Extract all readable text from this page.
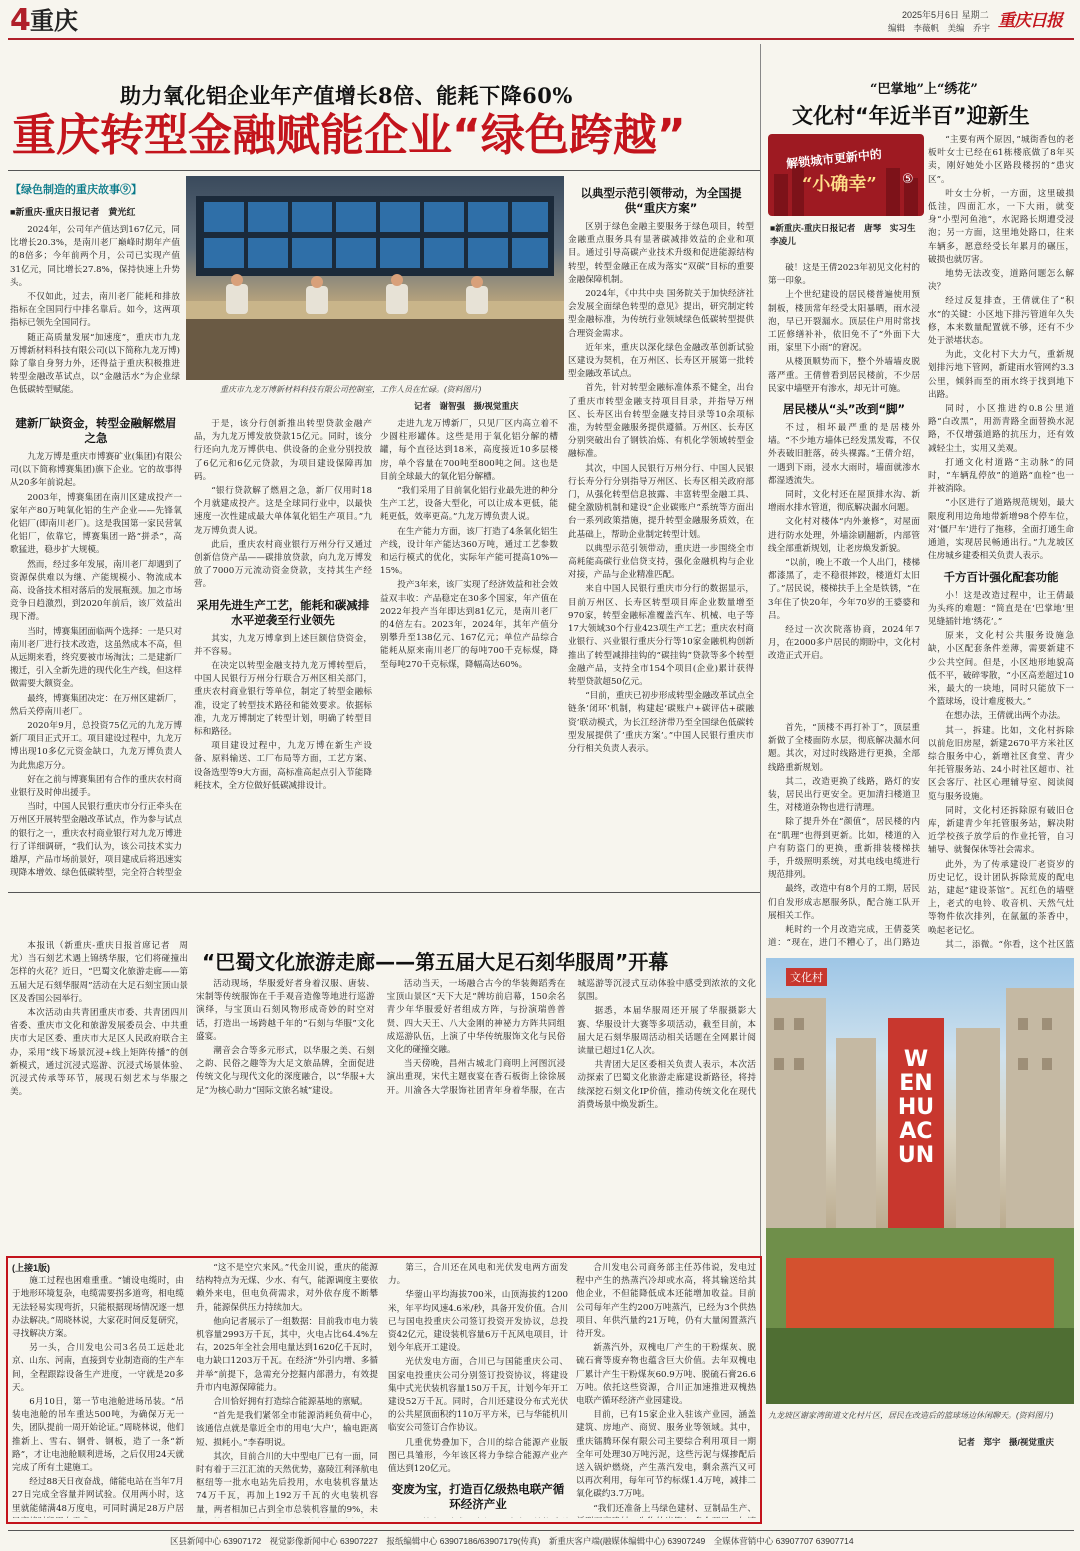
4 重庆	2025年5月6日 星期二
编辑　李薇帆　美编　乔宇 重庆日报
助力氧化铝企业年产值增长8倍、能耗下降60%
重庆转型金融赋能企业“绿色跨越”
【绿色制造的重庆故事⑨】
■新重庆-重庆日报记者　黄光红
重庆市九龙万博新材料科技有限公司控制室，工作人员在忙碌。(资料图片)
记者　谢智强　摄/视觉重庆

2024年，公司年产值达到167亿元，同比增长20.3%，是南川老厂巅峰时期年产值的8倍多；今年前两个月，公司已实现产值31亿元，同比增长27.8%，保持快速上升势头。

不仅如此，过去，南川老厂能耗和排放指标在全国同行中排名靠后。如今，这两项指标已领先全国同行。

随正高质量发展“加速度”，重庆市九龙万博新材料科技有限公司(以下简称九龙万博)除了靠自身努力外，还得益于重庆积极推进转型金融改革试点，以“金融活水”为企业绿色低碳转型赋能。

建新厂缺资金，转型金融解燃眉之急

九龙万博是重庆市博赛矿业(集团)有限公司(以下简称博赛集团)旗下企业。它的故事得从20多年前说起。

2003年，博赛集团在南川区建成投产一家年产80万吨氧化铝的生产企业——先锋氧化铝厂(即南川老厂)。这是我国第一家民营氧化铝厂，依靠它，博赛集团一路“拼杀”，高歌猛进，稳步扩大规模。

然而，经过多年发展，南川老厂却遇到了资源保供难以为继、产能规模小、物流成本高、设备技术相对落后的发展瓶颈。加之市场竞争日趋激烈，到2020年前后，该厂效益出现下滑。

当时，博赛集团面临两个选择：一是只对南川老厂进行技术改造，这虽然成本不高，但从远期来看，终究要被市场淘汰；二是建新厂搬迁，引入全新先进的现代化生产线，但这样做需要大额资金。

最终，博赛集团决定：在万州区建新厂，然后关停南川老厂。

2020年9月，总投资75亿元的九龙万博新厂项目正式开工。项目建设过程中，九龙万博出现10多亿元资金缺口，九龙万博负责人为此焦虑万分。

好在之前与博赛集团有合作的重庆农村商业银行及时伸出援手。

当时，中国人民银行重庆市分行正牵头在万州区开展转型金融改革试点，作为参与试点的银行之一，重庆农村商业银行对九龙万博进行了详细调研，“我们认为，该公司技术实力雄厚，产品市场前景好，项目建成后将迅速实现降本增效、绿色低碳转型，完全符合转型金

于是，该分行创新推出转型贷款金融产品，为九龙万博发放贷款15亿元。同时，该分行还向九龙万博供电、供设备的企业分别投放了6亿元和6亿元贷款，为项目建设保障再加码。

“银行贷款解了燃眉之急，新厂仅用时18个月就建成投产。这是全球同行业中，以最快速度一次性建成最大单体氧化铝生产项目。”九龙万博负责人说。

此后，重庆农村商业银行万州分行又通过创新信贷产品——碳排放贷款，向九龙万博发放了7000万元流动资金贷款，支持其生产经营。

采用先进生产工艺，能耗和碳减排水平逆袭至行业领先

其实，九龙万博拿到上述巨额信贷资金，并不容易。

在决定以转型金融支持九龙万博转型后，中国人民银行万州分行联合万州区相关部门，重庆农村商业银行等单位，制定了转型金融标准，设定了转型技术路径和能效要求。依据标准，九龙万博制定了转型计划，明确了转型目标和路径。

项目建设过程中，九龙万博在新生产设备、原料输送、工厂布局等方面，工艺方案、设备选型等9大方面，高标准高起点引入节能降耗技术，全方位做好低碳减排设计。

走进九龙万博新厂，只见厂区内高立着不少圆柱形罐体。这些是用于氧化铝分解的槽罐，每个直径达到18米，高度接近10多层楼房，单个容量在700吨至800吨之间。这也是目前全球最大的氧化铝分解槽。

“我们采用了目前氧化铝行业最先进的种分生产工艺，设备大型化，可以让成本更低，能耗更低，效率更高。”九龙万博负责人说。

在生产能力方面，该厂打造了4条氧化铝生产线，设计年产能达360万吨，通过工艺参数和运行模式的优化，实际年产能可提高10%—15%。

投产3年来，该厂实现了经济效益和社会效益双丰收：产品稳定在30多个国家，年产值在2022年投产当年即达到81亿元，是南川老厂的4倍左右。2023年，2024年，其年产值分别攀升至138亿元、167亿元；单位产品综合能耗从原来南川老厂的每吨700千克标煤，降至每吨270千克标煤，降幅高达60%。

以典型示范引领带动，为全国提供“重庆方案”

区别于绿色金融主要服务于绿色项目，转型金融重点服务具有显著碳减排效益的企业和项目。通过引导高碳产业技术升级和促进能源结构转型，转型金融正在成为落实“双碳”目标的重要金融保障机制。

2024年，《中共中央 国务院关于加快经济社会发展全面绿色转型的意见》提出，研究制定转型金融标准，为传统行业领域绿色低碳转型提供合理资金需求。

近年来，重庆以深化绿色金融改革创新试验区建设为契机，在万州区、长寿区开展第一批转型金融改革试点。

首先，针对转型金融标准体系不健全，出台了重庆市转型金融支持项目目录，并指导万州区、长寿区出台转型金融支持目录等10余项标准，为转型金融服务提供遵循。万州区、长寿区分别突破出台了钢铁冶炼、有机化学领域转型金融标准。

其次，中国人民银行万州分行、中国人民银行长寿分行分别指导万州区、长寿区相关政府部门，从强化转型信息披露、丰富转型金融工具、健全激励机制和建设“企业碳账户”系统等方面出台一系列政策措施，提升转型金融服务质效，在此基础上，帮助企业制定转型计划。

以典型示范引领带动，重庆进一步围绕全市高耗能高碳行业信贷支持，强化金融机构与企业对接，产品与企业精准匹配。

来自中国人民银行重庆市分行的数据显示，目前万州区、长寿区转型项目库企业数量增至970家，转型金融标准覆盖汽车、机械、电子等17大领域30个行业423项生产工艺；重庆农村商业银行、兴业银行重庆分行等10家金融机构创新推出了转型减排挂钩的“碳挂钩”贷款等多个转型金融产品，支持全市154个项目(企业)累计获得转型贷款超50亿元。

“目前，重庆已初步形成转型金融改革试点全链条‘闭环’机制，构建起‘碳账户+碳评估+碳融资’联动模式，为长江经济带乃至全国绿色低碳转型发展提供了‘重庆方案’。”中国人民银行重庆市分行相关负责人表示。

“巴掌地”上“绣花”
文化村“年近半百”迎新生
解锁城市更新中的
“小确幸” ⑤
■新重庆-重庆日报记者　唐琴　实习生　李凌儿

破！这是王倩2023年初见文化村的第一印象。

上个世纪建设的居民楼普遍使用预制板，楼顶常年经受太阳暴晒，雨水浸泡，早已开裂漏水。顶层住户用时常找工匠修缮补补，依旧免不了“外面下大雨，家里下小雨”的窘况。

从楼顶顺势而下，整个外墙墙皮脱落严重。王倩曾看到居民楼前，不少居民家中墙壁开有渗水，却无计可施。

居民楼从“头”改到“脚”

不过，相坏最严重的是居楼外墙。“不少地方墙体已经发黑发霉，不仅外表破旧脏落，砖头裸露。”王倩介绍，一遇到下雨，浸水大雨时，墙面就渗水都湿透流失。

同时，文化村还在屋顶排水沟、新增雨水排水管道，彻底解决漏水问题。

文化村对楼体“内外兼修”，对屋面进行防水处理，外墙涂刷翻新，内部管线全部重新规划，让老房焕发新貌。

“以前，晚上不敢一个人出门，楼梯都漆黑了，走不稳很摔跤，楼道灯太旧了。”居民说，楼梯扶手上全是铁锈，“在3年住了快20年，今年70岁的王婆婆和吕。

经过一次次院落协商，2024年7月，在2000多户居民的期盼中，文化村改造正式开启。

首先，“顶楼不再打补丁”，顶层重新做了全楼面防水层，彻底解决漏水问题。其次，对过时线路进行更换，全部线路重新规划。

其二，改造更换了线路，路灯的安装，居民出行更安全。更加清扫楼道卫生，对楼道杂物也进行清理。

除了提升外在“颜值”，居民楼的内在“肌理”也得到更新。比如，楼道的入户有防盗门的更换，重新排装楼梯扶手，升级照明系统，对其电线电缆进行规范排列。

最终，改造中有8个月的工期，居民们自发形成志愿服务队，配合施工队开展相关工作。

耗时约一个月改造完成，王倩菱笑道：“现在，进门不糟心了，出门路边

“主要有两个原因，”城街香包的老板叶女士已经在61栋楼底做了8年买卖，刚好她处小区路段楼拐的“患灾区”。

叶女士分析，一方面，这里破损低洼，四面汇水，一下大雨，就变身“小型河鱼池”，水泥路长期遭受浸泡；另一方面，这里地处路口，往来车辆多，愿意经受长年累月的碾压，破损也就厉害。

地势无法改变，道路问题怎么解决？

经过反复排查，王倩就住了“积水”的关键：小区地下排污管道年久失修，本来数量配置就不够，还有不少处于淤堵状态。

为此，文化村下大力气，重新规划排污地下管网，新建雨水管网约3.3公里，倾斜而至的雨水终于找到地下出路。

同时，小区推进约0.8公里道路“白改黑”，用沥青路全面替换水泥路，不仅增强道路的抗压力，还有效减轻尘土，实用又美观。

打通文化村道路“主动脉”的同时，“车辆乱停放”的道路“血栓”也一并被消除。

“小区进行了道路规范规划，最大限度利用边角地带新增98个停车位，对‘僵尸车’进行了拖移，全面打通生命通道，实现居民畅通出行。”九龙坡区住房城乡建委相关负责人表示。

千方百计强化配套功能

小！这是改造过程中，让王倩最为头疼的难题：“简直是在‘巴掌地’里见缝插针地‘绣花’。”

原来，文化村公共服务设施急缺，小区配套条件差薄，需要新建不少公共空间。但是，小区地形地貌高低不平，破碎零散，“小区高差超过10米，最大的一块地，同时只能放下一个篮球场，设计难度极大。”

在想办法，王倩就出两个办法。

其一，拆建。比如，文化村拆除以前危旧房屋，新建2670平方米社区综合服务中心，新增社区食堂、青少年托管服务站、24小时社区超市、社区会客厅、社区心理辅导室、阅读阅览与服务设施。

同时，文化村还拆除原有破旧仓库，新建青少年托管服务站，解决附近学校孩子放学后的作业托管，自习辅导、就餐保休等社会需求。

此外，为了传承建设厂老资岁的历史记忆，设计团队拆除荒废的配电站，建起“建设茶馆”。瓦红色的墙壁上，老式的电铃、收音机、天然气灶等物件依次排列，在氤氲的茶香中，唤起老记忆。

其二，添微。“你看，这个社区篮

WENHUACUN
文化村
九龙坡区谢家湾街道文化村片区，居民在改造后的篮球场边休闲聊天。(资料图片)
记者　郑宇　摄/视觉重庆
“巴蜀文化旅游走廊——第五届大足石刻华服周”开幕

本报讯（新重庆-重庆日报首席记者　周尤）当石刻艺术遇上锦绣华服，它们将碰撞出怎样的火花？近日，“巴蜀文化旅游走廊——第五届大足石刻华服周”活动在大足石刻宝顶山景区及香国公园举行。

本次活动由共青团重庆市委、共青团四川省委、重庆市文化和旅游发展委员会、中共重庆市大足区委、重庆市大足区人民政府联合主办，采用“线下场景沉浸+线上矩阵传播”的创新模式，通过沉浸式巡游、沉浸式场景体验、沉浸式传承等环节，展现石刻艺术与华服之美。

活动现场，华服爱好者身着汉服、唐装、宋制等传统服饰在千手观音造像等地进行巡游演绎，与宝顶山石刻风物形成奇妙的时空对话，打造出一场跨越千年的“石刻与华服”文化盛宴。

潮音会合等多元形式，以华服之美、石刻之韵、民俗之趣等为大足文旅品牌，全面促进传统文化与现代文化的深度融合，以“华服+大足”为核心助力“国际文旅名城”建设。

活动当天，一场融合古今的华装舞蹈秀在宝顶山景区“天下大足”牌坊前启幕，150余名青少年华服爱好者组成方阵，与扮演瑞兽普贤、四大天王、八大金刚的神祕力方阵共同组成巡游队伍，上演了中华传统服饰文化与民俗文化的碰撞交融。

当天傍晚，昌州古城北门商明上河图沉浸演出重现，宋代主题夜宴在香石板街上徐徐展开。川渝各大学服饰社团青年身着华服，在古城巡游等沉浸式互动体验中感受到浓浓的文化氛围。

据悉，本届华服周还开展了华服摄影大赛、华服设计大赛等多项活动，截至目前，本届大足石刻华服周活动相关话题在全网累计阅读量已超过1亿人次。

共青团大足区委相关负责人表示，本次活动探索了巴蜀文化旅游走廊建设新路径，将持续深挖石刻文化IP价值，推动传统文化在现代消费场景中焕发新生。

(上接1版)

施工过程也困难重重。“铺设电缆时，由于地形环境复杂，电缆需要拐多道弯，相电缆无法轻易实现弯折，只能根据现场情况逐一想办法解决。”周晓林说，大家花时间反复研究，寻找解决方案。

另一头，合川发电公司3名员工远赴北京、山东、河南，直接到专业制造商的生产车间，全程跟踪设备生产进度，一守就是20多天。

6月10日，第一节电池舱进场吊装。“吊装电池舱的吊车重达500吨，为确保万无一失，团队提前一周开始论证。”周晓林说，他们推新上、雪右、钢骨、钢板，造了一条“新路”，才让电池舱顺利进场，之后仅用24天就完成了所有土建施工。

经过88天日夜奋战，储能电站在当年7月27日完成全容量并网试验。仅用两小时，这里就能储满48万度电，可同时满足28万户居

“这不是空穴来风。”代金川说，重庆的能源结构特点为无煤、少水、有气，能源调度主要依赖外来电，但电负荷需求，对外依存度不断攀升，能源保供压力持续加大。

他向记者展示了一组数据：目前我市电力装机容量2993万千瓦，其中，火电占比64.4%左右，2025年全社会用电量达到1620亿千瓦时，电力缺口1203万千瓦。在经济“外引内增、多循并举”前提下，急需充分挖掘内部潜力，有效提升市内电源保障能力。

合川恰好拥有打造综合能源基地的禀赋。

“首先是我们紧邻全市能源消耗负荷中心，该通信点就是靠近全市的用电‘大户’，输电距离短、损耗小。”李春明说。

其次，目前合川的大中型电厂已有一面，同时有着于三江汇流的天然优势，嘉陵江利泽航电枢纽等一批水电站先后投用，水电装机容量达74万千瓦，再加上192万千瓦的火电装机容量，两者相加已占到全市总装机容量的9%，未

第三，合川还在风电和光伏发电两方面发力。

华蓥山平均海拔700米，山顶海拔约1200米，年平均风速4.6米/秒，具备开发价值。合川已与国电投重庆公司签订投资开发协议，总投资42亿元，建设装机容量6万千瓦风电项目，计划今年底开工建设。

光伏发电方面，合川已与国能重庆公司、国家电投重庆公司分别签订投资协议，将建设集中式光伏装机容量150万千瓦，计划今年开工建设52万千瓦。同时，合川还建设分布式光伏的公共屋顶面积约110万平方米，已与华能机川临安公司签订合作协议。

几重优势叠加下，合川的综合能源产业版图已具雏形，今年该区将力争综合能源产业产值达到120亿元。

变废为宝，打造百亿级热电联产循环经济产业

合川发电公司商务部主任苏伟说，发电过程中产生的热蒸汽冷却或水高，将其输送给其他企业，不但能降低成本还能增加收益。目前公司每年产生约200万吨蒸汽，已经为3个供热项目、年供汽量约21万吨，仍有大量闲置蒸汽待开发。

新蒸汽外，双槐电厂产生的干粉煤灰、脱硫石膏等废弃物也蕴含巨大价值。去年双槐电厂累计产生干粉煤灰60.9万吨、脱硫石膏26.6万吨。依托这些资源，合川正加速推进双槐热电联产循环经济产业园建设。

目前，已有15家企业入驻该产业园，涵盖建筑、房地产、商贸、服务业等领域。其中，重庆镭腾环保有限公司主要综合利用项目一期全年可处理30万吨污泥，这些污泥与煤掺配后送入锅炉燃烧，产生蒸汽发电，剩余蒸汽又可以再次利用，每年可节约标煤1.4万吨，减排二氧化碳约3.7万吨。

“我们还准备上马绿色建材、豆制品生产、

区县新闻中心 63907172　视觉影像新闻中心 63907227　报纸编辑中心 63907186/63907179(传真)　新重庆客户端(融媒体编辑中心) 63907249　全媒体营销中心 63907707 63907714
